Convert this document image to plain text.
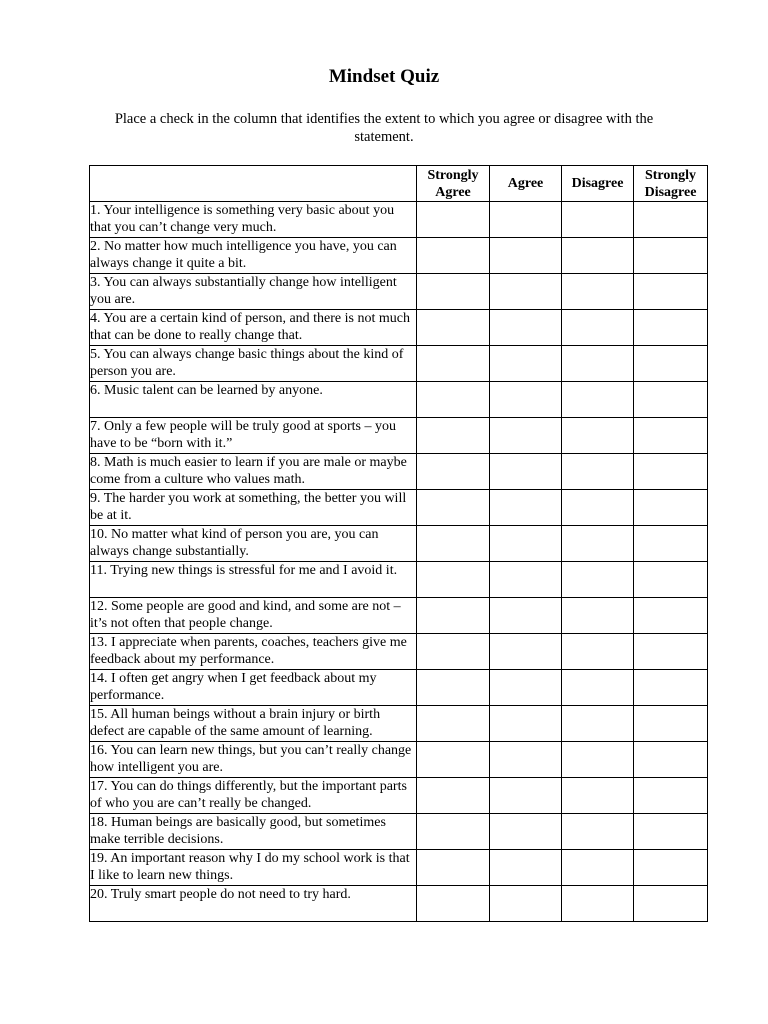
Mindset Quiz
Place a check in the column that identifies the extent to which you agree or disagree with the statement.
	Strongly Agree	Agree	Disagree	Strongly Disagree
1. Your intelligence is something very basic about you that you can’t change very much.				
2. No matter how much intelligence you have, you can always change it quite a bit.				
3. You can always substantially change how intelligent you are.				
4. You are a certain kind of person, and there is not much that can be done to really change that.				
5. You can always change basic things about the kind of person you are.				
6. Music talent can be learned by anyone.				
7. Only a few people will be truly good at sports – you have to be “born with it.”				
8. Math is much easier to learn if you are male or maybe come from a culture who values math.				
9. The harder you work at something, the better you will be at it.				
10. No matter what kind of person you are, you can always change substantially.				
11. Trying new things is stressful for me and I avoid it.				
12. Some people are good and kind, and some are not – it’s not often that people change.				
13. I appreciate when parents, coaches, teachers give me feedback about my performance.				
14. I often get angry when I get feedback about my performance.				
15. All human beings without a brain injury or birth defect are capable of the same amount of learning.				
16. You can learn new things, but you can’t really change how intelligent you are.				
17. You can do things differently, but the important parts of who you are can’t really be changed.				
18. Human beings are basically good, but sometimes make terrible decisions.				
19. An important reason why I do my school work is that I like to learn new things.				
20. Truly smart people do not need to try hard.				
